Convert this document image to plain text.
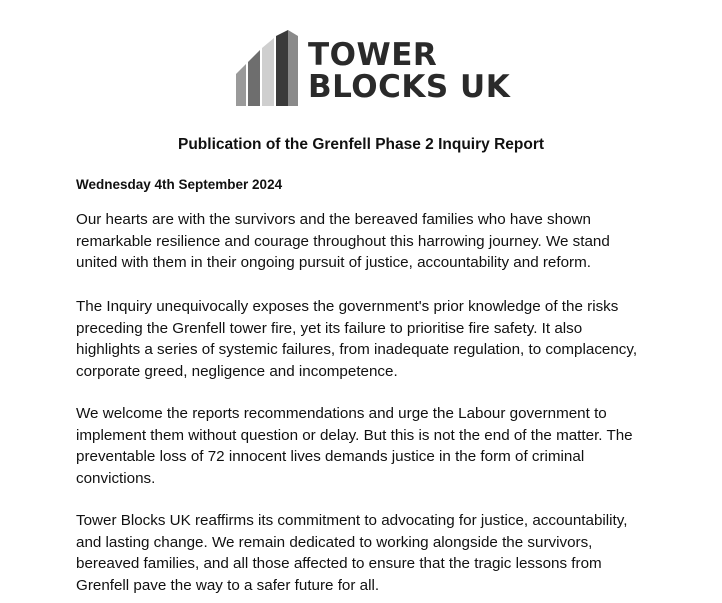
TOWER
BLOCKS UK
Publication of the Grenfell Phase 2 Inquiry Report
Wednesday 4th September 2024

Our hearts are with the survivors and the bereaved families who have shown
remarkable resilience and courage throughout this harrowing journey. We stand
united with them in their ongoing pursuit of justice, accountability and reform.

The Inquiry unequivocally exposes the government's prior knowledge of the risks
preceding the Grenfell tower fire, yet its failure to prioritise fire safety. It also
highlights a series of systemic failures, from inadequate regulation, to complacency,
corporate greed, negligence and incompetence.

We welcome the reports recommendations and urge the Labour government to
implement them without question or delay. But this is not the end of the matter. The
preventable loss of 72 innocent lives demands justice in the form of criminal
convictions.

Tower Blocks UK reaffirms its commitment to advocating for justice, accountability,
and lasting change. We remain dedicated to working alongside the survivors,
bereaved families, and all those affected to ensure that the tragic lessons from
Grenfell pave the way to a safer future for all.
